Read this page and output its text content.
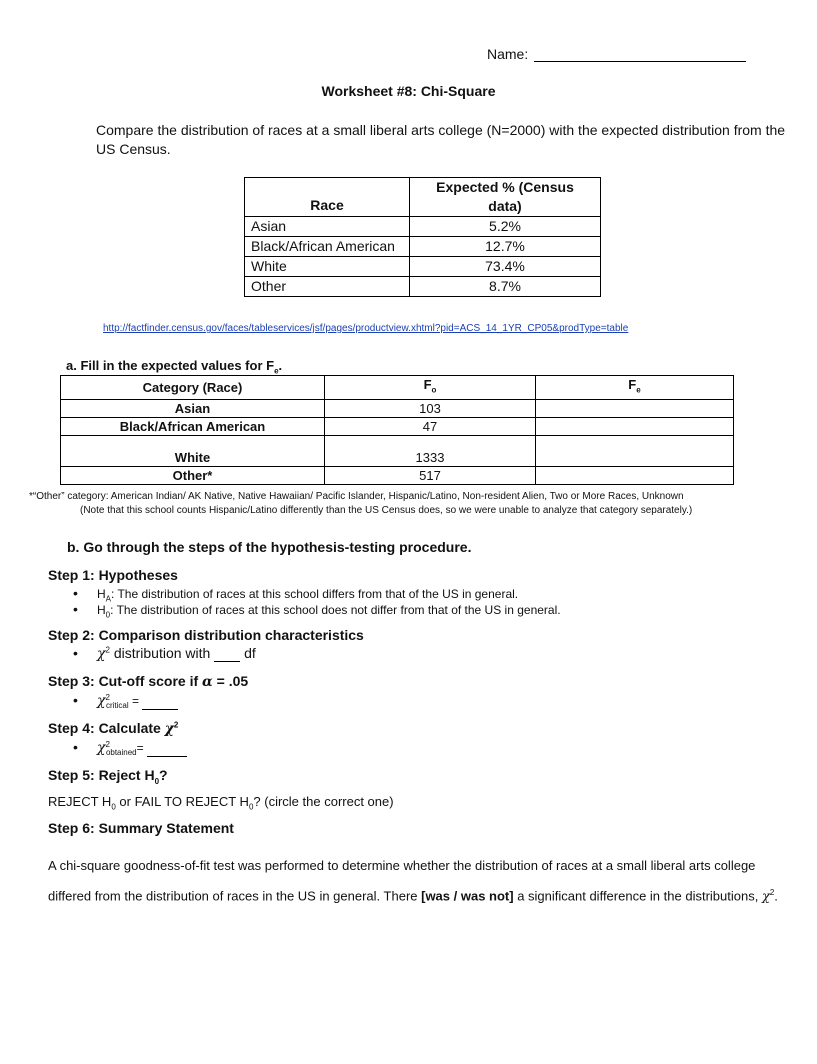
Name:
Worksheet #8: Chi-Square
Compare the distribution of races at a small liberal arts college (N=2000) with the expected distribution from the US Census.
Race	Expected % (Census data)
Asian	5.2%
Black/African American	12.7%
White	73.4%
Other	8.7%
http://factfinder.census.gov/faces/tableservices/jsf/pages/productview.xhtml?pid=ACS_14_1YR_CP05&prodType=table
a. Fill in the expected values for $F_e$.
Category (Race)	$F_o$	$F_e$
Asian	103	
Black/African American	47	
White	1333	
Other*	517	
*“Other” category: American Indian/ AK Native, Native Hawaiian/ Pacific Islander, Hispanic/Latino, Non-resident Alien, Two or More Races, Unknown
(Note that this school counts Hispanic/Latino differently than the US Census does, so we were unable to analyze that category separately.)
b. Go through the steps of the hypothesis-testing procedure.
Step 1: Hypotheses
• $H_A$: The distribution of races at this school differs from that of the US in general.
• $H_0$: The distribution of races at this school does not differ from that of the US in general.
Step 2: Comparison distribution characteristics
• $\chi^2$ distribution with  df
Step 3: Cut-off score if α = .05
• $\chi^2_{critical}$ =
Step 4: Calculate $\chi^2$
• $\chi^2_{obtained}=$
Step 5: Reject $H_0$?
REJECT $H_0$ or FAIL TO REJECT $H_0$? (circle the correct one)
Step 6: Summary Statement
A chi-square goodness-of-fit test was performed to determine whether the distribution of races at a small liberal arts college differed from the distribution of races in the US in general. There [was / was not] a significant difference in the distributions, $\chi^2$.
